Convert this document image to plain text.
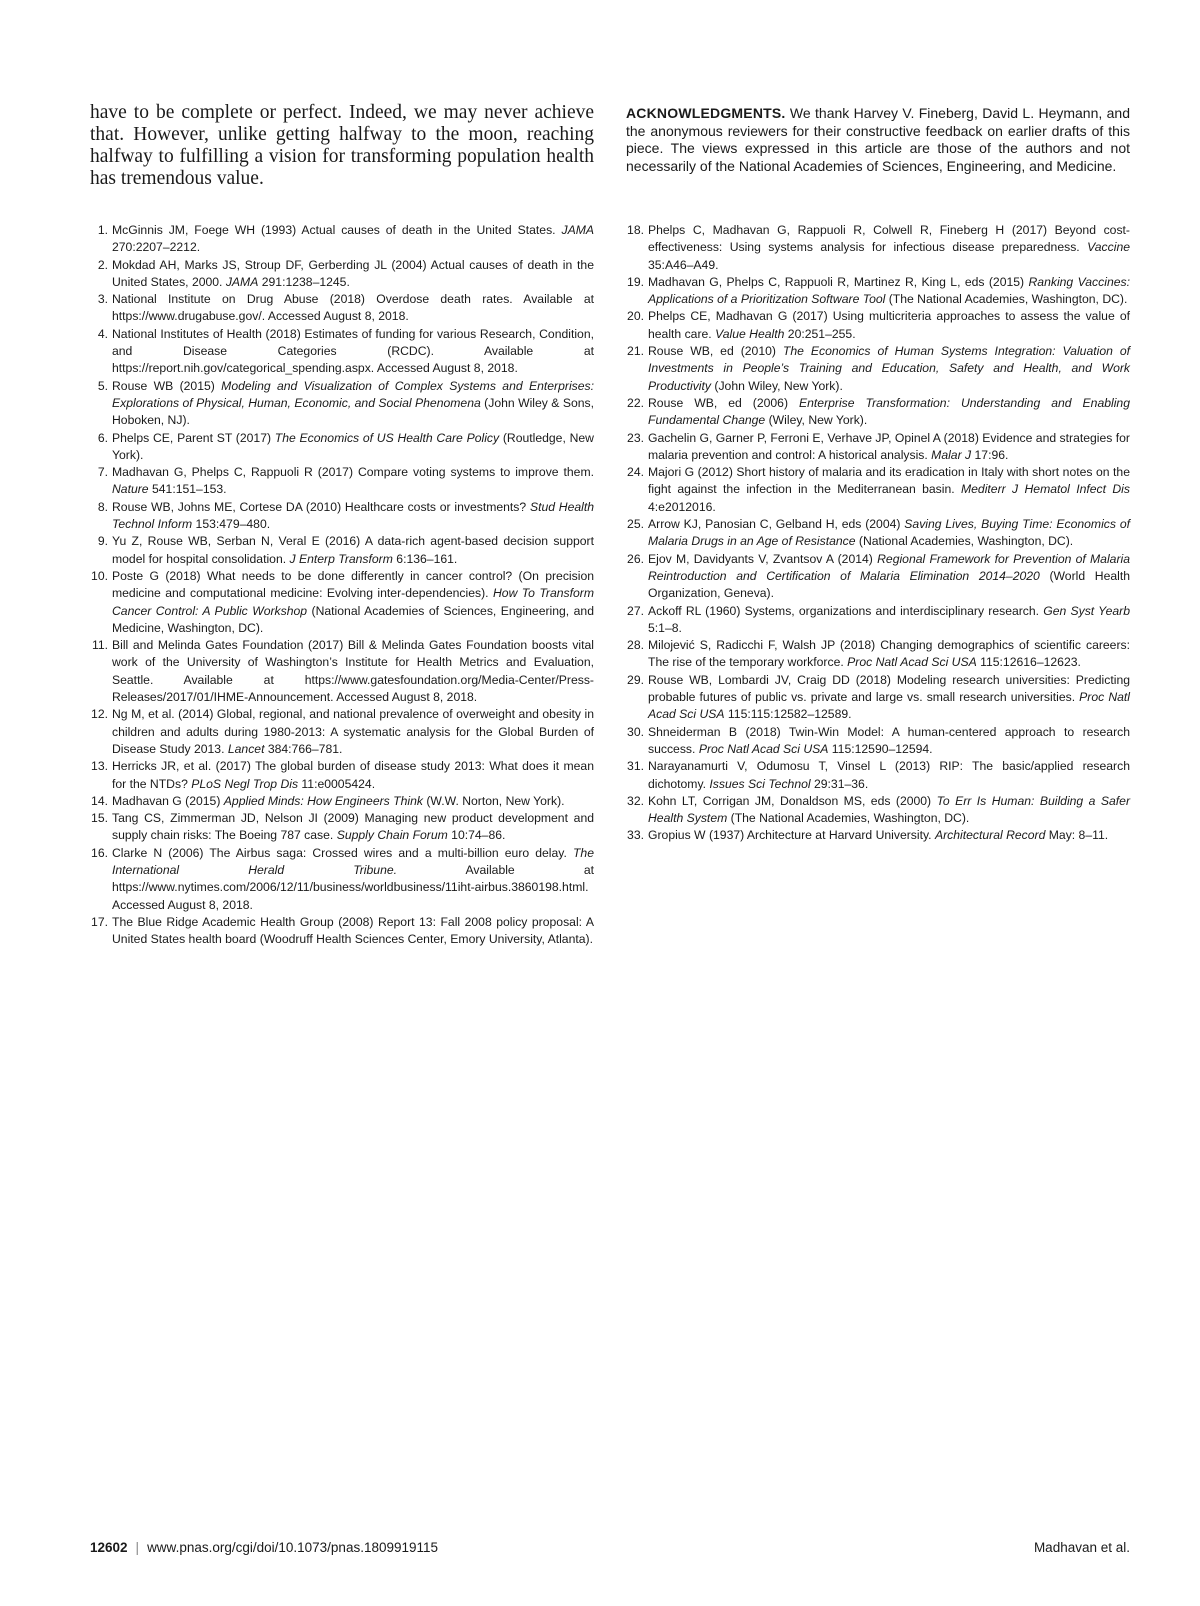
have to be complete or perfect. Indeed, we may never achieve that. However, unlike getting halfway to the moon, reaching halfway to fulfilling a vision for transforming population health has tremendous value.

ACKNOWLEDGMENTS. We thank Harvey V. Fineberg, David L. Heymann, and the anonymous reviewers for their constructive feedback on earlier drafts of this piece. The views expressed in this article are those of the authors and not necessarily of the National Academies of Sciences, Engineering, and Medicine.

1. McGinnis JM, Foege WH (1993) Actual causes of death in the United States. JAMA 270:2207–2212.

2. Mokdad AH, Marks JS, Stroup DF, Gerberding JL (2004) Actual causes of death in the United States, 2000. JAMA 291:1238–1245.

3. National Institute on Drug Abuse (2018) Overdose death rates. Available at https://www.drugabuse.gov/. Accessed August 8, 2018.

4. National Institutes of Health (2018) Estimates of funding for various Research, Condition, and Disease Categories (RCDC). Available at https://report.nih.gov/categorical_spending.aspx. Accessed August 8, 2018.

5. Rouse WB (2015) Modeling and Visualization of Complex Systems and Enterprises: Explorations of Physical, Human, Economic, and Social Phenomena (John Wiley & Sons, Hoboken, NJ).

6. Phelps CE, Parent ST (2017) The Economics of US Health Care Policy (Routledge, New York).

7. Madhavan G, Phelps C, Rappuoli R (2017) Compare voting systems to improve them. Nature 541:151–153.

8. Rouse WB, Johns ME, Cortese DA (2010) Healthcare costs or investments? Stud Health Technol Inform 153:479–480.

9. Yu Z, Rouse WB, Serban N, Veral E (2016) A data-rich agent-based decision support model for hospital consolidation. J Enterp Transform 6:136–161.

10. Poste G (2018) What needs to be done differently in cancer control? (On precision medicine and computational medicine: Evolving inter-dependencies). How To Transform Cancer Control: A Public Workshop (National Academies of Sciences, Engineering, and Medicine, Washington, DC).

11. Bill and Melinda Gates Foundation (2017) Bill & Melinda Gates Foundation boosts vital work of the University of Washington’s Institute for Health Metrics and Evaluation, Seattle. Available at https://www.gatesfoundation.org/Media-Center/Press-Releases/2017/01/IHME-Announcement. Accessed August 8, 2018.

12. Ng M, et al. (2014) Global, regional, and national prevalence of overweight and obesity in children and adults during 1980-2013: A systematic analysis for the Global Burden of Disease Study 2013. Lancet 384:766–781.

13. Herricks JR, et al. (2017) The global burden of disease study 2013: What does it mean for the NTDs? PLoS Negl Trop Dis 11:e0005424.

14. Madhavan G (2015) Applied Minds: How Engineers Think (W.W. Norton, New York).

15. Tang CS, Zimmerman JD, Nelson JI (2009) Managing new product development and supply chain risks: The Boeing 787 case. Supply Chain Forum 10:74–86.

16. Clarke N (2006) The Airbus saga: Crossed wires and a multi-billion euro delay. The International Herald Tribune. Available at https://www.nytimes.com/2006/12/11/business/worldbusiness/11iht-airbus.3860198.html. Accessed August 8, 2018.

17. The Blue Ridge Academic Health Group (2008) Report 13: Fall 2008 policy proposal: A United States health board (Woodruff Health Sciences Center, Emory University, Atlanta).

18. Phelps C, Madhavan G, Rappuoli R, Colwell R, Fineberg H (2017) Beyond cost-effectiveness: Using systems analysis for infectious disease preparedness. Vaccine 35:A46–A49.

19. Madhavan G, Phelps C, Rappuoli R, Martinez R, King L, eds (2015) Ranking Vaccines: Applications of a Prioritization Software Tool (The National Academies, Washington, DC).

20. Phelps CE, Madhavan G (2017) Using multicriteria approaches to assess the value of health care. Value Health 20:251–255.

21. Rouse WB, ed (2010) The Economics of Human Systems Integration: Valuation of Investments in People’s Training and Education, Safety and Health, and Work Productivity (John Wiley, New York).

22. Rouse WB, ed (2006) Enterprise Transformation: Understanding and Enabling Fundamental Change (Wiley, New York).

23. Gachelin G, Garner P, Ferroni E, Verhave JP, Opinel A (2018) Evidence and strategies for malaria prevention and control: A historical analysis. Malar J 17:96.

24. Majori G (2012) Short history of malaria and its eradication in Italy with short notes on the fight against the infection in the Mediterranean basin. Mediterr J Hematol Infect Dis 4:e2012016.

25. Arrow KJ, Panosian C, Gelband H, eds (2004) Saving Lives, Buying Time: Economics of Malaria Drugs in an Age of Resistance (National Academies, Washington, DC).

26. Ejov M, Davidyants V, Zvantsov A (2014) Regional Framework for Prevention of Malaria Reintroduction and Certification of Malaria Elimination 2014–2020 (World Health Organization, Geneva).

27. Ackoff RL (1960) Systems, organizations and interdisciplinary research. Gen Syst Yearb 5:1–8.

28. Milojević S, Radicchi F, Walsh JP (2018) Changing demographics of scientific careers: The rise of the temporary workforce. Proc Natl Acad Sci USA 115:12616–12623.

29. Rouse WB, Lombardi JV, Craig DD (2018) Modeling research universities: Predicting probable futures of public vs. private and large vs. small research universities. Proc Natl Acad Sci USA 115:115:12582–12589.

30. Shneiderman B (2018) Twin-Win Model: A human-centered approach to research success. Proc Natl Acad Sci USA 115:12590–12594.

31. Narayanamurti V, Odumosu T, Vinsel L (2013) RIP: The basic/applied research dichotomy. Issues Sci Technol 29:31–36.

32. Kohn LT, Corrigan JM, Donaldson MS, eds (2000) To Err Is Human: Building a Safer Health System (The National Academies, Washington, DC).

33. Gropius W (1937) Architecture at Harvard University. Architectural Record May: 8–11.

12602 | www.pnas.org/cgi/doi/10.1073/pnas.1809919115	Madhavan et al.
